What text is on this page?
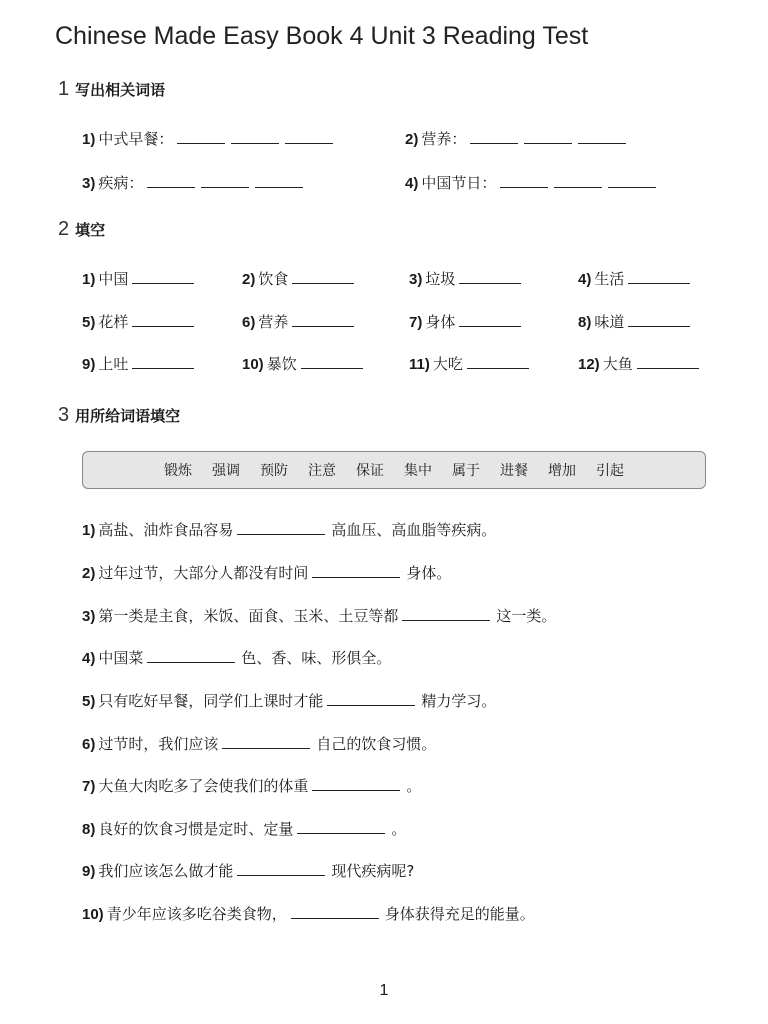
Chinese Made Easy Book 4 Unit 3 Reading Test
1 写出相关词语
1) 中式早餐：	2) 营养：
3) 疾病：	4) 中国节日：
2 填空
1) 中国	2) 饮食	3) 垃圾	4) 生活
5) 花样	6) 营养	7) 身体	8) 味道
9) 上吐	10) 暴饮	11) 大吃	12) 大鱼
3 用所给词语填空
锻炼 强调 预防 注意 保证 集中 属于 进餐 增加 引起
1) 高盐、油炸食品容易	高血压、高血脂等疾病。
2) 过年过节，大部分人都没有时间	身体。
3) 第一类是主食，米饭、面食、玉米、土豆等都	这一类。
4) 中国菜	色、香、味、形俱全。
5) 只有吃好早餐，同学们上课时才能	精力学习。
6) 过节时，我们应该	自己的饮食习惯。
7) 大鱼大肉吃多了会使我们的体重	。
8) 良好的饮食习惯是定时、定量	。
9) 我们应该怎么做才能	现代疾病呢?
10) 青少年应该多吃谷类食物，	身体获得充足的能量。
1
